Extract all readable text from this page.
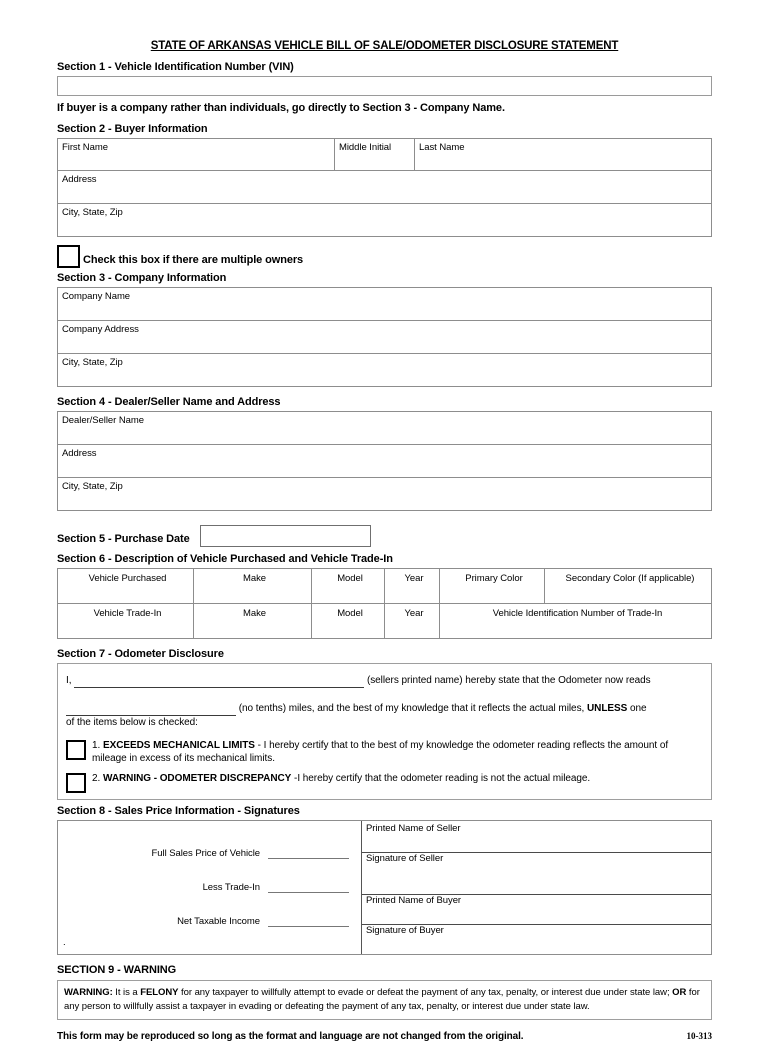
STATE OF ARKANSAS VEHICLE BILL OF SALE/ODOMETER DISCLOSURE STATEMENT
Section 1 - Vehicle Identification Number (VIN)
If buyer is a company rather than individuals, go directly to Section 3 - Company Name.
Section 2 - Buyer Information
First Name	Middle Initial	Last Name
Address
City, State, Zip
Check this box if there are multiple owners
Section 3 - Company Information
Company Name
Company Address
City, State, Zip
Section 4 - Dealer/Seller Name and Address
Dealer/Seller Name
Address
City, State, Zip
Section 5 - Purchase Date
Section 6 - Description of Vehicle Purchased and Vehicle Trade-In
Vehicle Purchased	Make	Model	Year	Primary Color	Secondary Color (If applicable)
Vehicle Trade-In	Make	Model	Year	Vehicle Identification Number of Trade-In	
Section 7 - Odometer Disclosure
I,	(sellers printed name) hereby state that the Odometer now reads
(no tenths) miles, and the best of my knowledge that it reflects the actual miles, UNLESS one
of the items below is checked:
1. EXCEEDS MECHANICAL LIMITS - I hereby certify that to the best of my knowledge the odometer reading reflects the amount of mileage in excess of its mechanical limits.
2. WARNING - ODOMETER DISCREPANCY -I hereby certify that the odometer reading is not the actual mileage.
Section 8 - Sales Price Information - Signatures
Full Sales Price of Vehicle
Less Trade-In
Net Taxable Income
.
Printed Name of Seller
Signature of Seller
Printed Name of Buyer
Signature of Buyer
SECTION 9 - WARNING
WARNING: It is a FELONY for any taxpayer to willfully attempt to evade or defeat the payment of any tax, penalty, or interest due under state law; OR for any person to willfully assist a taxpayer in evading or defeating the payment of any tax, penalty, or interest due under state law.
This form may be reproduced so long as the format and language are not changed from the original.	10-313
